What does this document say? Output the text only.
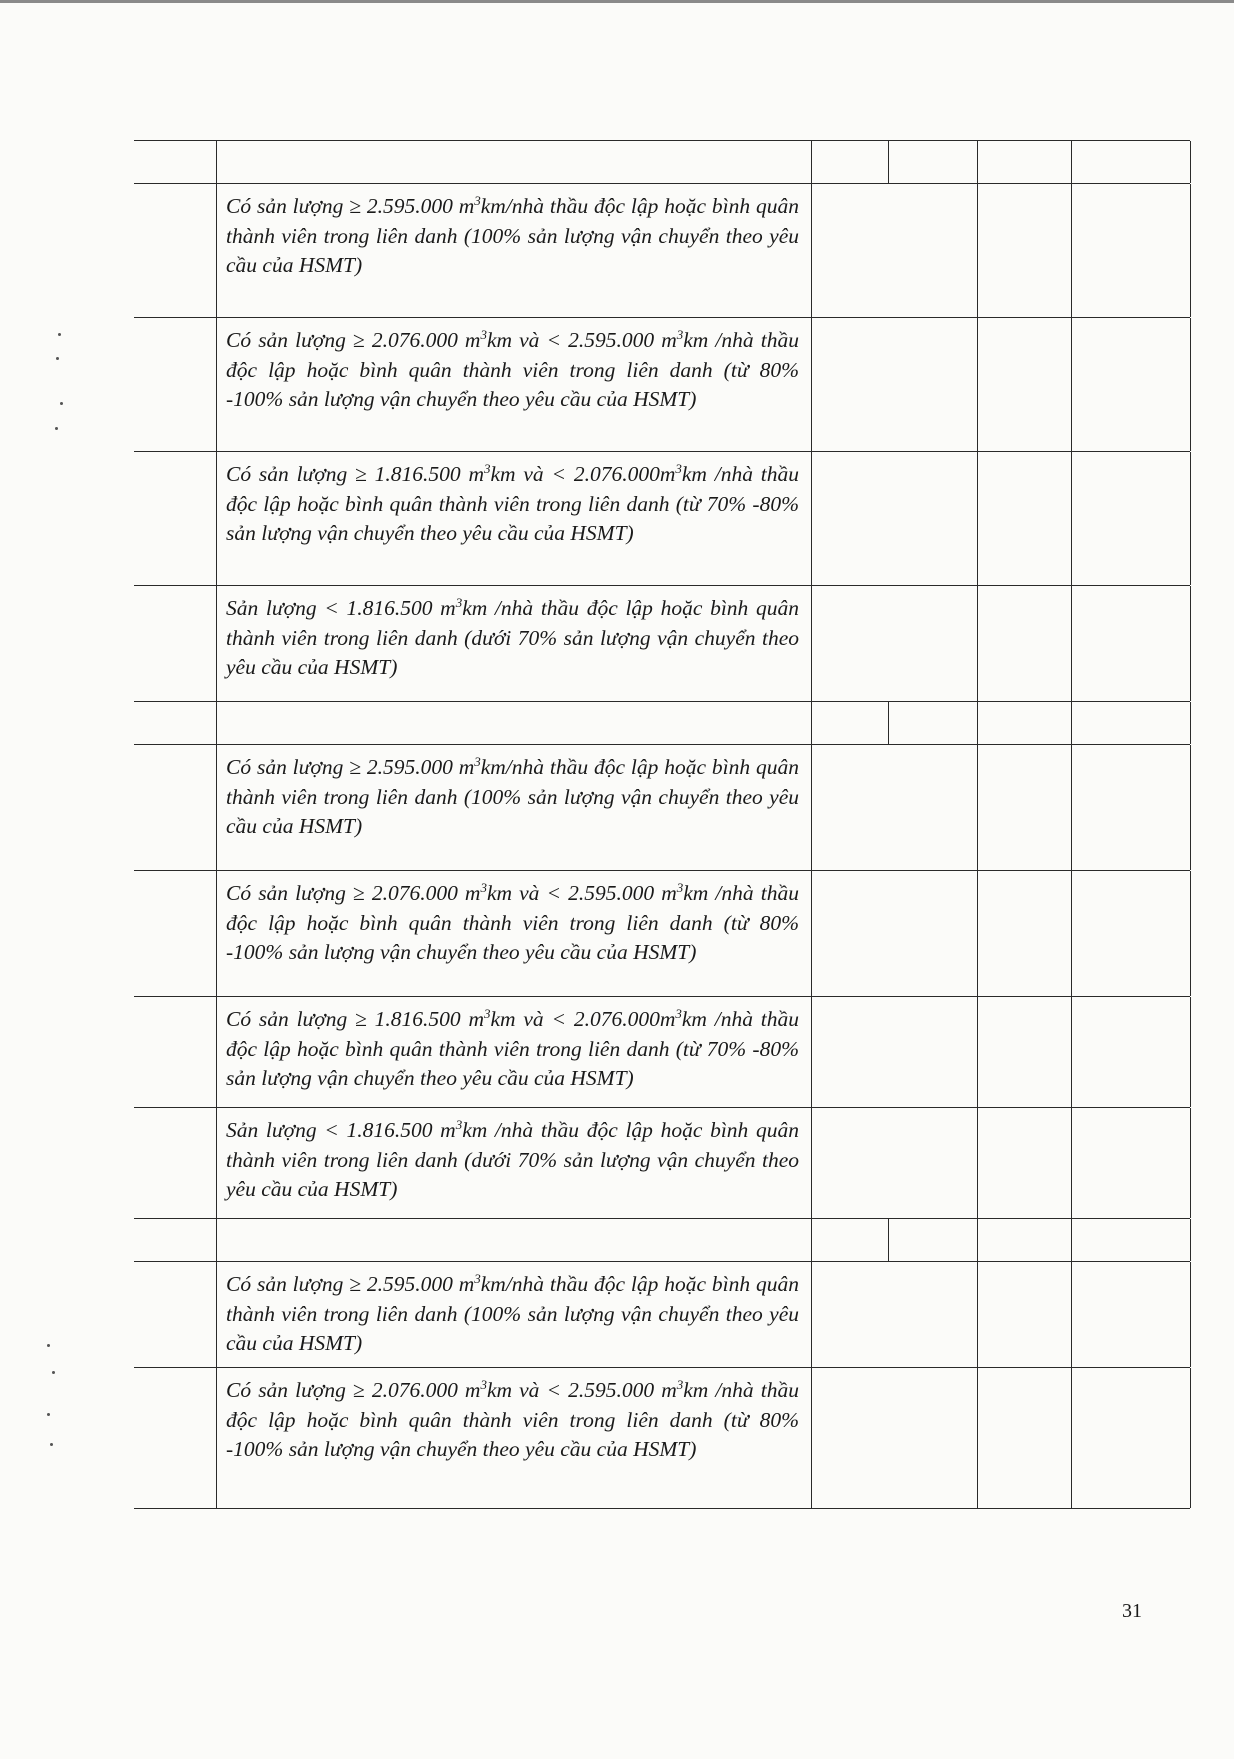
Có sản lượng ≥ 2.595.000 $m^3km$/nhà thầu độc lập hoặc bình quân thành viên trong liên danh (100% sản lượng vận chuyển theo yêu cầu của HSMT)
Có sản lượng ≥ 2.076.000 $m^3km$ và < 2.595.000 $m^3km$ /nhà thầu độc lập hoặc bình quân thành viên trong liên danh (từ 80% -100% sản lượng vận chuyển theo yêu cầu của HSMT)
Có sản lượng ≥ 1.816.500 $m^3km$ và < $2.076.000m^3km$ /nhà thầu độc lập hoặc bình quân thành viên trong liên danh (từ 70% -80% sản lượng vận chuyển theo yêu cầu của HSMT)
Sản lượng < 1.816.500 $m^3km$ /nhà thầu độc lập hoặc bình quân thành viên trong liên danh (dưới 70% sản lượng vận chuyển theo yêu cầu của HSMT)
Có sản lượng ≥ 2.595.000 $m^3km$/nhà thầu độc lập hoặc bình quân thành viên trong liên danh (100% sản lượng vận chuyển theo yêu cầu của HSMT)
Có sản lượng ≥ 2.076.000 $m^3km$ và < 2.595.000 $m^3km$ /nhà thầu độc lập hoặc bình quân thành viên trong liên danh (từ 80% -100% sản lượng vận chuyển theo yêu cầu của HSMT)
Có sản lượng ≥ 1.816.500 $m^3km$ và < $2.076.000m^3km$ /nhà thầu độc lập hoặc bình quân thành viên trong liên danh (từ 70% -80% sản lượng vận chuyển theo yêu cầu của HSMT)
Sản lượng < 1.816.500 $m^3km$ /nhà thầu độc lập hoặc bình quân thành viên trong liên danh (dưới 70% sản lượng vận chuyển theo yêu cầu của HSMT)
Có sản lượng ≥ 2.595.000 $m^3km$/nhà thầu độc lập hoặc bình quân thành viên trong liên danh (100% sản lượng vận chuyển theo yêu cầu của HSMT)
Có sản lượng ≥ 2.076.000 $m^3km$ và < 2.595.000 $m^3km$ /nhà thầu độc lập hoặc bình quân thành viên trong liên danh (từ 80% -100% sản lượng vận chuyển theo yêu cầu của HSMT)
31
